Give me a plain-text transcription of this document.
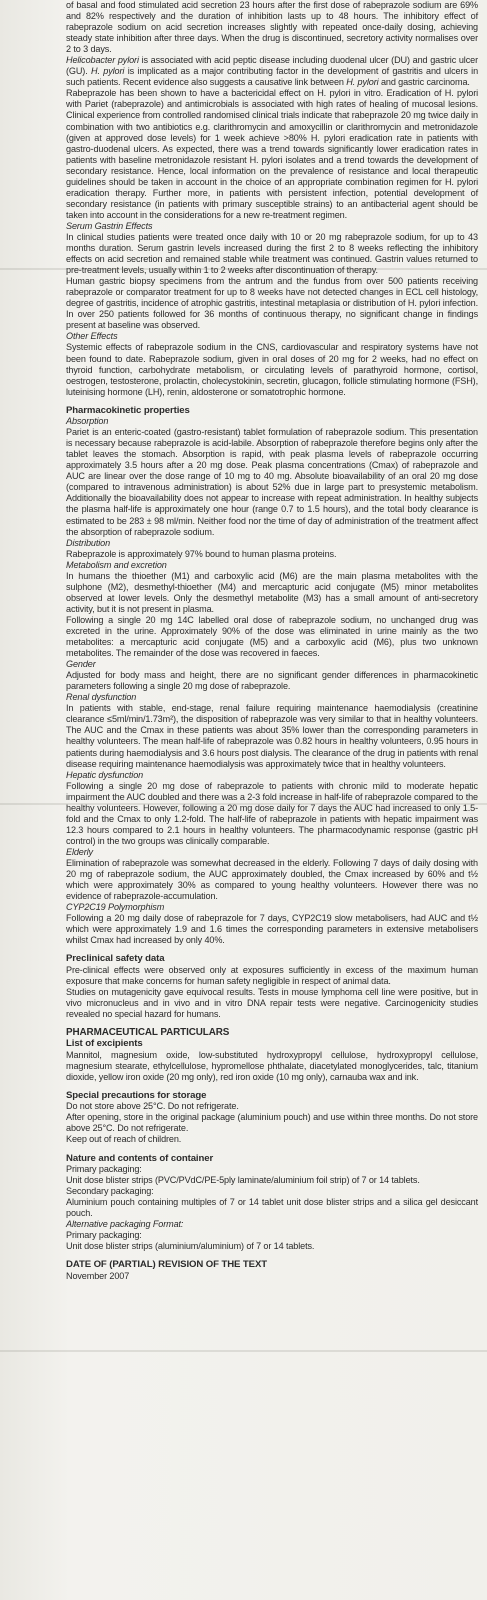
of basal and food stimulated acid secretion 23 hours after the first dose of rabeprazole sodium are 69% and 82% respectively and the duration of inhibition lasts up to 48 hours. The inhibitory effect of rabeprazole sodium on acid secretion increases slightly with repeated once-daily dosing, achieving steady state inhibition after three days. When the drug is discontinued, secretory activity normalises over 2 to 3 days.

Helicobacter pylori is associated with acid peptic disease including duodenal ulcer (DU) and gastric ulcer (GU). H. pylori is implicated as a major contributing factor in the development of gastritis and ulcers in such patients. Recent evidence also suggests a causative link between H. pylori and gastric carcinoma.

Rabeprazole has been shown to have a bactericidal effect on H. pylori in vitro. Eradication of H. pylori with Pariet (rabeprazole) and antimicrobials is associated with high rates of healing of mucosal lesions. Clinical experience from controlled randomised clinical trials indicate that rabeprazole 20 mg twice daily in combination with two antibiotics e.g. clarithromycin and amoxycillin or clarithromycin and metronidazole (given at approved dose levels) for 1 week achieve >80% H. pylori eradication rate in patients with gastro-duodenal ulcers. As expected, there was a trend towards significantly lower eradication rates in patients with baseline metronidazole resistant H. pylori isolates and a trend towards the development of secondary resistance. Hence, local information on the prevalence of resistance and local therapeutic guidelines should be taken in account in the choice of an appropriate combination regimen for H. pylori eradication therapy. Further more, in patients with persistent infection, potential development of secondary resistance (in patients with primary susceptible strains) to an antibacterial agent should be taken into account in the considerations for a new re-treatment regimen.

Serum Gastrin Effects

In clinical studies patients were treated once daily with 10 or 20 mg rabeprazole sodium, for up to 43 months duration. Serum gastrin levels increased during the first 2 to 8 weeks reflecting the inhibitory effects on acid secretion and remained stable while treatment was continued. Gastrin values returned to pre-treatment levels, usually within 1 to 2 weeks after discontinuation of therapy.

Human gastric biopsy specimens from the antrum and the fundus from over 500 patients receiving rabeprazole or comparator treatment for up to 8 weeks have not detected changes in ECL cell histology, degree of gastritis, incidence of atrophic gastritis, intestinal metaplasia or distribution of H. pylori infection. In over 250 patients followed for 36 months of continuous therapy, no significant change in findings present at baseline was observed.

Other Effects

Systemic effects of rabeprazole sodium in the CNS, cardiovascular and respiratory systems have not been found to date. Rabeprazole sodium, given in oral doses of 20 mg for 2 weeks, had no effect on thyroid function, carbohydrate metabolism, or circulating levels of parathyroid hormone, cortisol, oestrogen, testosterone, prolactin, cholecystokinin, secretin, glucagon, follicle stimulating hormone (FSH), luteinising hormone (LH), renin, aldosterone or somatotrophic hormone.

Pharmacokinetic properties
Absorption

Pariet is an enteric-coated (gastro-resistant) tablet formulation of rabeprazole sodium. This presentation is necessary because rabeprazole is acid-labile. Absorption of rabeprazole therefore begins only after the tablet leaves the stomach. Absorption is rapid, with peak plasma levels of rabeprazole occurring approximately 3.5 hours after a 20 mg dose. Peak plasma concentrations (Cmax) of rabeprazole and AUC are linear over the dose range of 10 mg to 40 mg. Absolute bioavailability of an oral 20 mg dose (compared to intravenous administration) is about 52% due in large part to presystemic metabolism. Additionally the bioavailability does not appear to increase with repeat administration. In healthy subjects the plasma half-life is approximately one hour (range 0.7 to 1.5 hours), and the total body clearance is estimated to be 283 ± 98 ml/min. Neither food nor the time of day of administration of the treatment affect the absorption of rabeprazole sodium.

Distribution

Rabeprazole is approximately 97% bound to human plasma proteins.

Metabolism and excretion

In humans the thioether (M1) and carboxylic acid (M6) are the main plasma metabolites with the sulphone (M2), desmethyl-thioether (M4) and mercapturic acid conjugate (M5) minor metabolites observed at lower levels. Only the desmethyl metabolite (M3) has a small amount of anti-secretory activity, but it is not present in plasma.

Following a single 20 mg 14C labelled oral dose of rabeprazole sodium, no unchanged drug was excreted in the urine. Approximately 90% of the dose was eliminated in urine mainly as the two metabolites: a mercapturic acid conjugate (M5) and a carboxylic acid (M6), plus two unknown metabolites. The remainder of the dose was recovered in faeces.

Gender

Adjusted for body mass and height, there are no significant gender differences in pharmacokinetic parameters following a single 20 mg dose of rabeprazole.

Renal dysfunction

In patients with stable, end-stage, renal failure requiring maintenance haemodialysis (creatinine clearance ≤5ml/min/1.73m²), the disposition of rabeprazole was very similar to that in healthy volunteers. The AUC and the Cmax in these patients was about 35% lower than the corresponding parameters in healthy volunteers. The mean half-life of rabeprazole was 0.82 hours in healthy volunteers, 0.95 hours in patients during haemodialysis and 3.6 hours post dialysis. The clearance of the drug in patients with renal disease requiring maintenance haemodialysis was approximately twice that in healthy volunteers.

Hepatic dysfunction

Following a single 20 mg dose of rabeprazole to patients with chronic mild to moderate hepatic impairment the AUC doubled and there was a 2-3 fold increase in half-life of rabeprazole compared to the healthy volunteers. However, following a 20 mg dose daily for 7 days the AUC had increased to only 1.5-fold and the Cmax to only 1.2-fold. The half-life of rabeprazole in patients with hepatic impairment was 12.3 hours compared to 2.1 hours in healthy volunteers. The pharmacodynamic response (gastric pH control) in the two groups was clinically comparable.

Elderly

Elimination of rabeprazole was somewhat decreased in the elderly. Following 7 days of daily dosing with 20 mg of rabeprazole sodium, the AUC approximately doubled, the Cmax increased by 60% and t½ which were approximately 30% as compared to young healthy volunteers. However there was no evidence of rabeprazole-accumulation.

CYP2C19 Polymorphism

Following a 20 mg daily dose of rabeprazole for 7 days, CYP2C19 slow metabolisers, had AUC and t½ which were approximately 1.9 and 1.6 times the corresponding parameters in extensive metabolisers whilst Cmax had increased by only 40%.

Preclinical safety data

Pre-clinical effects were observed only at exposures sufficiently in excess of the maximum human exposure that make concerns for human safety negligible in respect of animal data.

Studies on mutagenicity gave equivocal results. Tests in mouse lymphoma cell line were positive, but in vivo micronucleus and in vivo and in vitro DNA repair tests were negative. Carcinogenicity studies revealed no special hazard for humans.

PHARMACEUTICAL PARTICULARS
List of excipients

Mannitol, magnesium oxide, low-substituted hydroxypropyl cellulose, hydroxypropyl cellulose, magnesium stearate, ethylcellulose, hypromellose phthalate, diacetylated monoglycerides, talc, titanium dioxide, yellow iron oxide (20 mg only), red iron oxide (10 mg only), carnauba wax and ink.

Special precautions for storage

Do not store above 25°C. Do not refrigerate.

After opening, store in the original package (aluminium pouch) and use within three months. Do not store above 25°C. Do not refrigerate.

Keep out of reach of children.

Nature and contents of container

Primary packaging:

Unit dose blister strips (PVC/PVdC/PE-5ply laminate/aluminium foil strip) of 7 or 14 tablets.

Secondary packaging:

Aluminium pouch containing multiples of 7 or 14 tablet unit dose blister strips and a silica gel desiccant pouch.

Alternative packaging Format:

Primary packaging:

Unit dose blister strips (aluminium/aluminium) of 7 or 14 tablets.

DATE OF (PARTIAL) REVISION OF THE TEXT

November 2007
